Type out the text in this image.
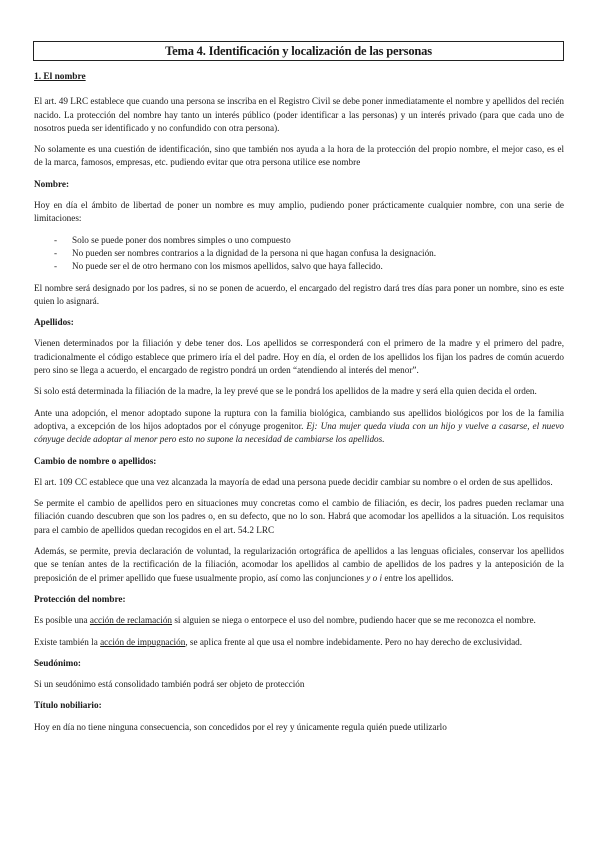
Tema 4. Identificación y localización de las personas

1. El nombre

El art. 49 LRC establece que cuando una persona se inscriba en el Registro Civil se debe poner inmediatamente el nombre y apellidos del recién nacido. La protección del nombre hay tanto un interés público (poder identificar a las personas) y un interés privado (para que cada uno de nosotros pueda ser identificado y no confundido con otra persona).

No solamente es una cuestión de identificación, sino que también nos ayuda a la hora de la protección del propio nombre, el mejor caso, es el de la marca, famosos, empresas, etc. pudiendo evitar que otra persona utilice ese nombre

Nombre:

Hoy en día el ámbito de libertad de poner un nombre es muy amplio, pudiendo poner prácticamente cualquier nombre, con una serie de limitaciones:

- Solo se puede poner dos nombres simples o uno compuesto
- No pueden ser nombres contrarios a la dignidad de la persona ni que hagan confusa la designación.
- No puede ser el de otro hermano con los mismos apellidos, salvo que haya fallecido.

El nombre será designado por los padres, si no se ponen de acuerdo, el encargado del registro dará tres días para poner un nombre, sino es este quien lo asignará.

Apellidos:

Vienen determinados por la filiación y debe tener dos. Los apellidos se corresponderá con el primero de la madre y el primero del padre, tradicionalmente el código establece que primero iría el del padre. Hoy en día, el orden de los apellidos los fijan los padres de común acuerdo pero sino se llega a acuerdo, el encargado de registro pondrá un orden “atendiendo al interés del menor”.

Si solo está determinada la filiación de la madre, la ley prevé que se le pondrá los apellidos de la madre y será ella quien decida el orden.

Ante una adopción, el menor adoptado supone la ruptura con la familia biológica, cambiando sus apellidos biológicos por los de la familia adoptiva, a excepción de los hijos adoptados por el cónyuge progenitor. Ej: Una mujer queda viuda con un hijo y vuelve a casarse, el nuevo cónyuge decide adoptar al menor pero esto no supone la necesidad de cambiarse los apellidos.

Cambio de nombre o apellidos:

El art. 109 CC establece que una vez alcanzada la mayoría de edad una persona puede decidir cambiar su nombre o el orden de sus apellidos.

Se permite el cambio de apellidos pero en situaciones muy concretas como el cambio de filiación, es decir, los padres pueden reclamar una filiación cuando descubren que son los padres o, en su defecto, que no lo son. Habrá que acomodar los apellidos a la situación. Los requisitos para el cambio de apellidos quedan recogidos en el art. 54.2 LRC

Además, se permite, previa declaración de voluntad, la regularización ortográfica de apellidos a las lenguas oficiales, conservar los apellidos que se tenían antes de la rectificación de la filiación, acomodar los apellidos al cambio de apellidos de los padres y la anteposición de la preposición de el primer apellido que fuese usualmente propio, así como las conjunciones y o i entre los apellidos.

Protección del nombre:

Es posible una acción de reclamación si alguien se niega o entorpece el uso del nombre, pudiendo hacer que se me reconozca el nombre.

Existe también la acción de impugnación, se aplica frente al que usa el nombre indebidamente. Pero no hay derecho de exclusividad.

Seudónimo:

Si un seudónimo está consolidado también podrá ser objeto de protección

Título nobiliario:

Hoy en día no tiene ninguna consecuencia, son concedidos por el rey y únicamente regula quién puede utilizarlo
